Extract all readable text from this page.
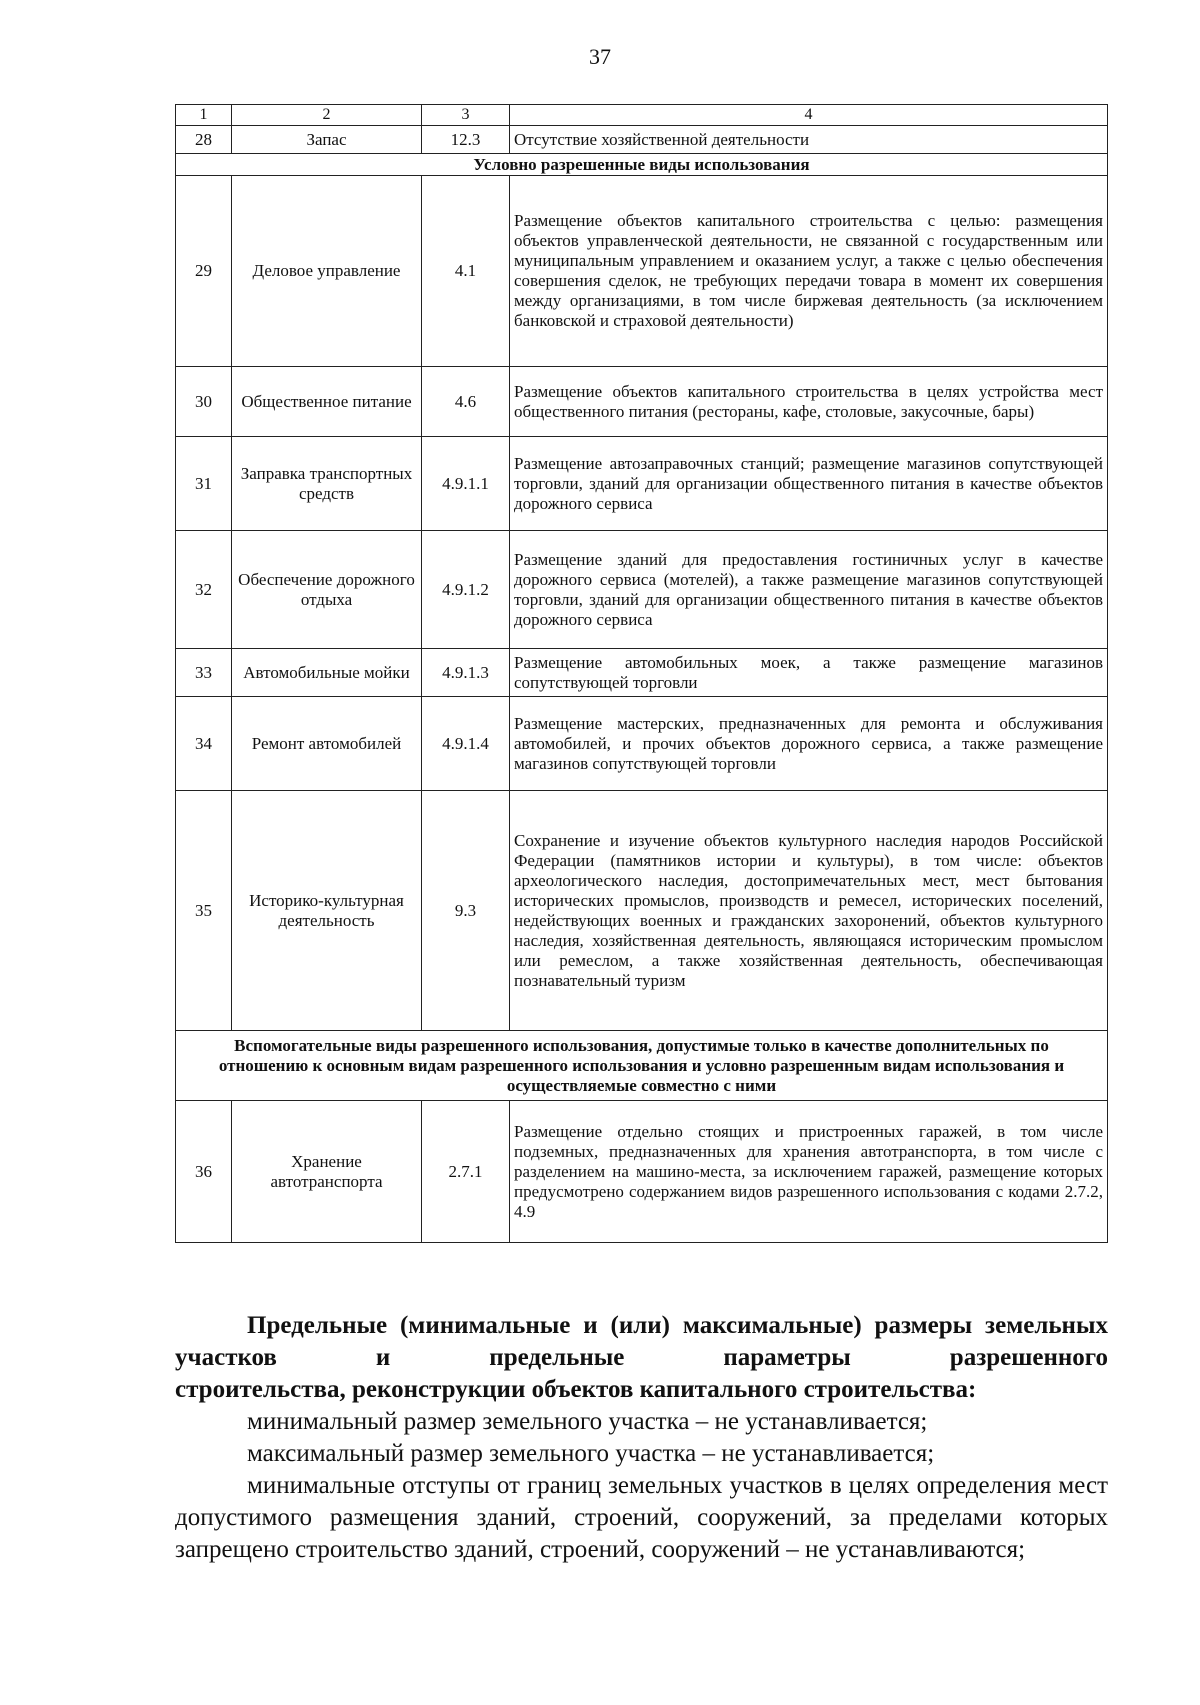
37
1	2	3	4
28	Запас	12.3	Отсутствие хозяйственной деятельности
Условно разрешенные виды использования			
29	Деловое управление	4.1	Размещение объектов капитального строительства с целью: размещения объектов управленческой деятельности, не связанной с государственным или муниципальным управлением и оказанием услуг, а также с целью обеспечения совершения сделок, не требующих передачи товара в момент их совершения между организациями, в том числе биржевая деятельность (за исключением банковской и страховой деятельности)
30	Общественное питание	4.6	Размещение объектов капитального строительства в целях устройства мест общественного питания (рестораны, кафе, столовые, закусочные, бары)
31	Заправка транспортных средств	4.9.1.1	Размещение автозаправочных станций; размещение магазинов сопутствующей торговли, зданий для организации общественного питания в качестве объектов дорожного сервиса
32	Обеспечение дорожного отдыха	4.9.1.2	Размещение зданий для предоставления гостиничных услуг в качестве дорожного сервиса (мотелей), а также размещение магазинов сопутствующей торговли, зданий для организации общественного питания в качестве объектов дорожного сервиса
33	Автомобильные мойки	4.9.1.3	Размещение автомобильных моек, а также размещение магазинов сопутствующей торговли
34	Ремонт автомобилей	4.9.1.4	Размещение мастерских, предназначенных для ремонта и обслуживания автомобилей, и прочих объектов дорожного сервиса, а также размещение магазинов сопутствующей торговли
35	Историко-культурная деятельность	9.3	Сохранение и изучение объектов культурного наследия народов Российской Федерации (памятников истории и культуры), в том числе: объектов археологического наследия, достопримечательных мест, мест бытования исторических промыслов, производств и ремесел, исторических поселений, недействующих военных и гражданских захоронений, объектов культурного наследия, хозяйственная деятельность, являющаяся историческим промыслом или ремеслом, а также хозяйственная деятельность, обеспечивающая познавательный туризм
Вспомогательные виды разрешенного использования, допустимые только в качестве дополнительных по отношению к основным видам разрешенного использования и условно разрешенным видам использования и осуществляемые совместно с ними			
36	Хранение автотранспорта	2.7.1	Размещение отдельно стоящих и пристроенных гаражей, в том числе подземных, предназначенных для хранения автотранспорта, в том числе с разделением на машино-места, за исключением гаражей, размещение которых предусмотрено содержанием видов разрешенного использования с кодами 2.7.2, 4.9

Предельные (минимальные и (или) максимальные) размеры земельных участков и предельные параметры разрешенного
строительства, реконструкции объектов капитального строительства:

минимальный размер земельного участка – не устанавливается;

максимальный размер земельного участка – не устанавливается;

минимальные отступы от границ земельных участков в целях определения мест допустимого размещения зданий, строений, сооружений, за пределами которых запрещено строительство зданий, строений, сооружений – не устанавливаются;
